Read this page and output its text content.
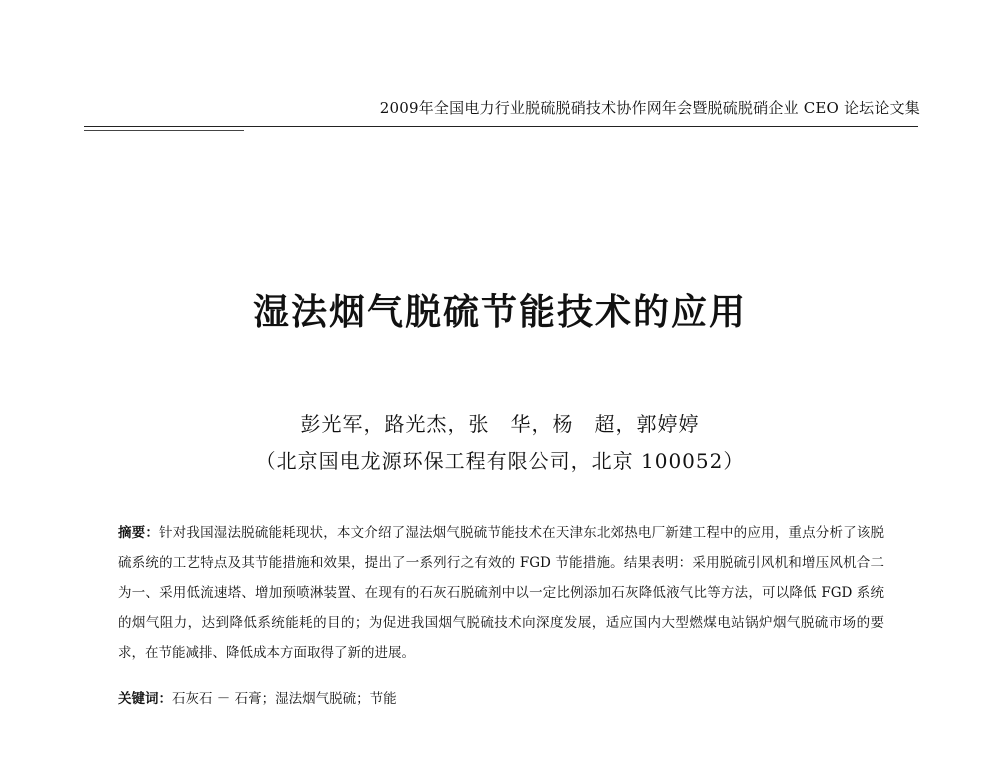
2009年全国电力行业脱硫脱硝技术协作网年会暨脱硫脱硝企业 CEO 论坛论文集
湿法烟气脱硫节能技术的应用
彭光军，路光杰，张　华，杨　超，郭婷婷
（北京国电龙源环保工程有限公司，北京 100052）
摘要：针对我国湿法脱硫能耗现状，本文介绍了湿法烟气脱硫节能技术在天津东北郊热电厂新建工程中的应用，重点分析了该脱硫系统的工艺特点及其节能措施和效果，提出了一系列行之有效的 FGD 节能措施。结果表明：采用脱硫引风机和增压风机合二为一、采用低流速塔、增加预喷淋装置、在现有的石灰石脱硫剂中以一定比例添加石灰降低液气比等方法，可以降低 FGD 系统的烟气阻力，达到降低系统能耗的目的；为促进我国烟气脱硫技术向深度发展，适应国内大型燃煤电站锅炉烟气脱硫市场的要求，在节能减排、降低成本方面取得了新的进展。
关键词：石灰石 － 石膏；湿法烟气脱硫；节能
